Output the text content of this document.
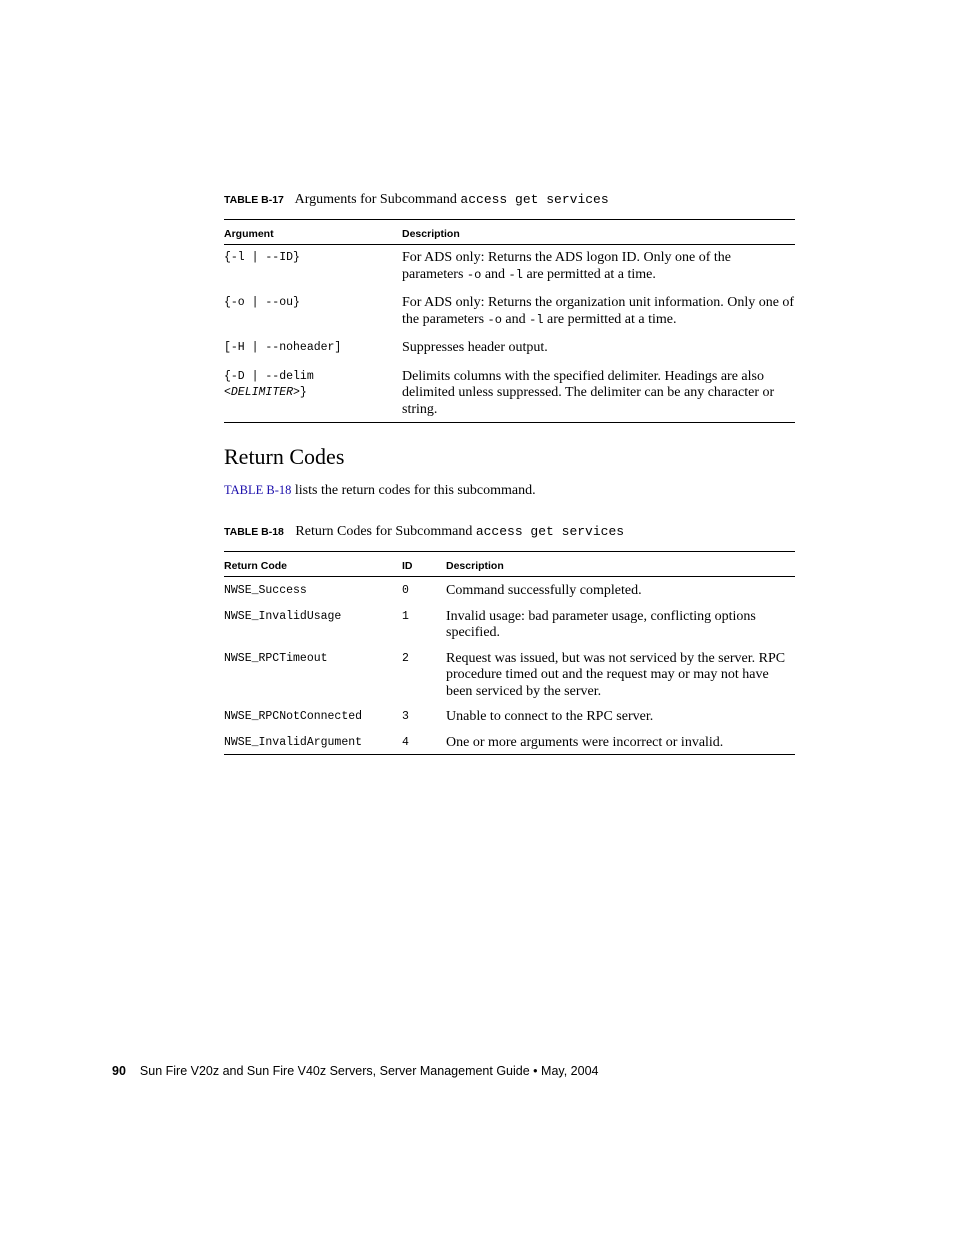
TABLE B-17 Arguments for Subcommand access get services
Argument	Description
{-l | --ID}	For ADS only: Returns the ADS logon ID. Only one of the parameters -o and -l are permitted at a time.
{-o | --ou}	For ADS only: Returns the organization unit information. Only one of the parameters -o and -l are permitted at a time.
[-H | --noheader]	Suppresses header output.
{-D | --delim
<DELIMITER>}	Delimits columns with the specified delimiter. Headings are also delimited unless suppressed. The delimiter can be any character or string.
Return Codes
TABLE B-18 lists the return codes for this subcommand.
TABLE B-18 Return Codes for Subcommand access get services
Return Code	ID	Description
NWSE_Success	0	Command successfully completed.
NWSE_InvalidUsage	1	Invalid usage: bad parameter usage, conflicting options specified.
NWSE_RPCTimeout	2	Request was issued, but was not serviced by the server. RPC procedure timed out and the request may or may not have been serviced by the server.
NWSE_RPCNotConnected	3	Unable to connect to the RPC server.
NWSE_InvalidArgument	4	One or more arguments were incorrect or invalid.
90 Sun Fire V20z and Sun Fire V40z Servers, Server Management Guide • May, 2004
